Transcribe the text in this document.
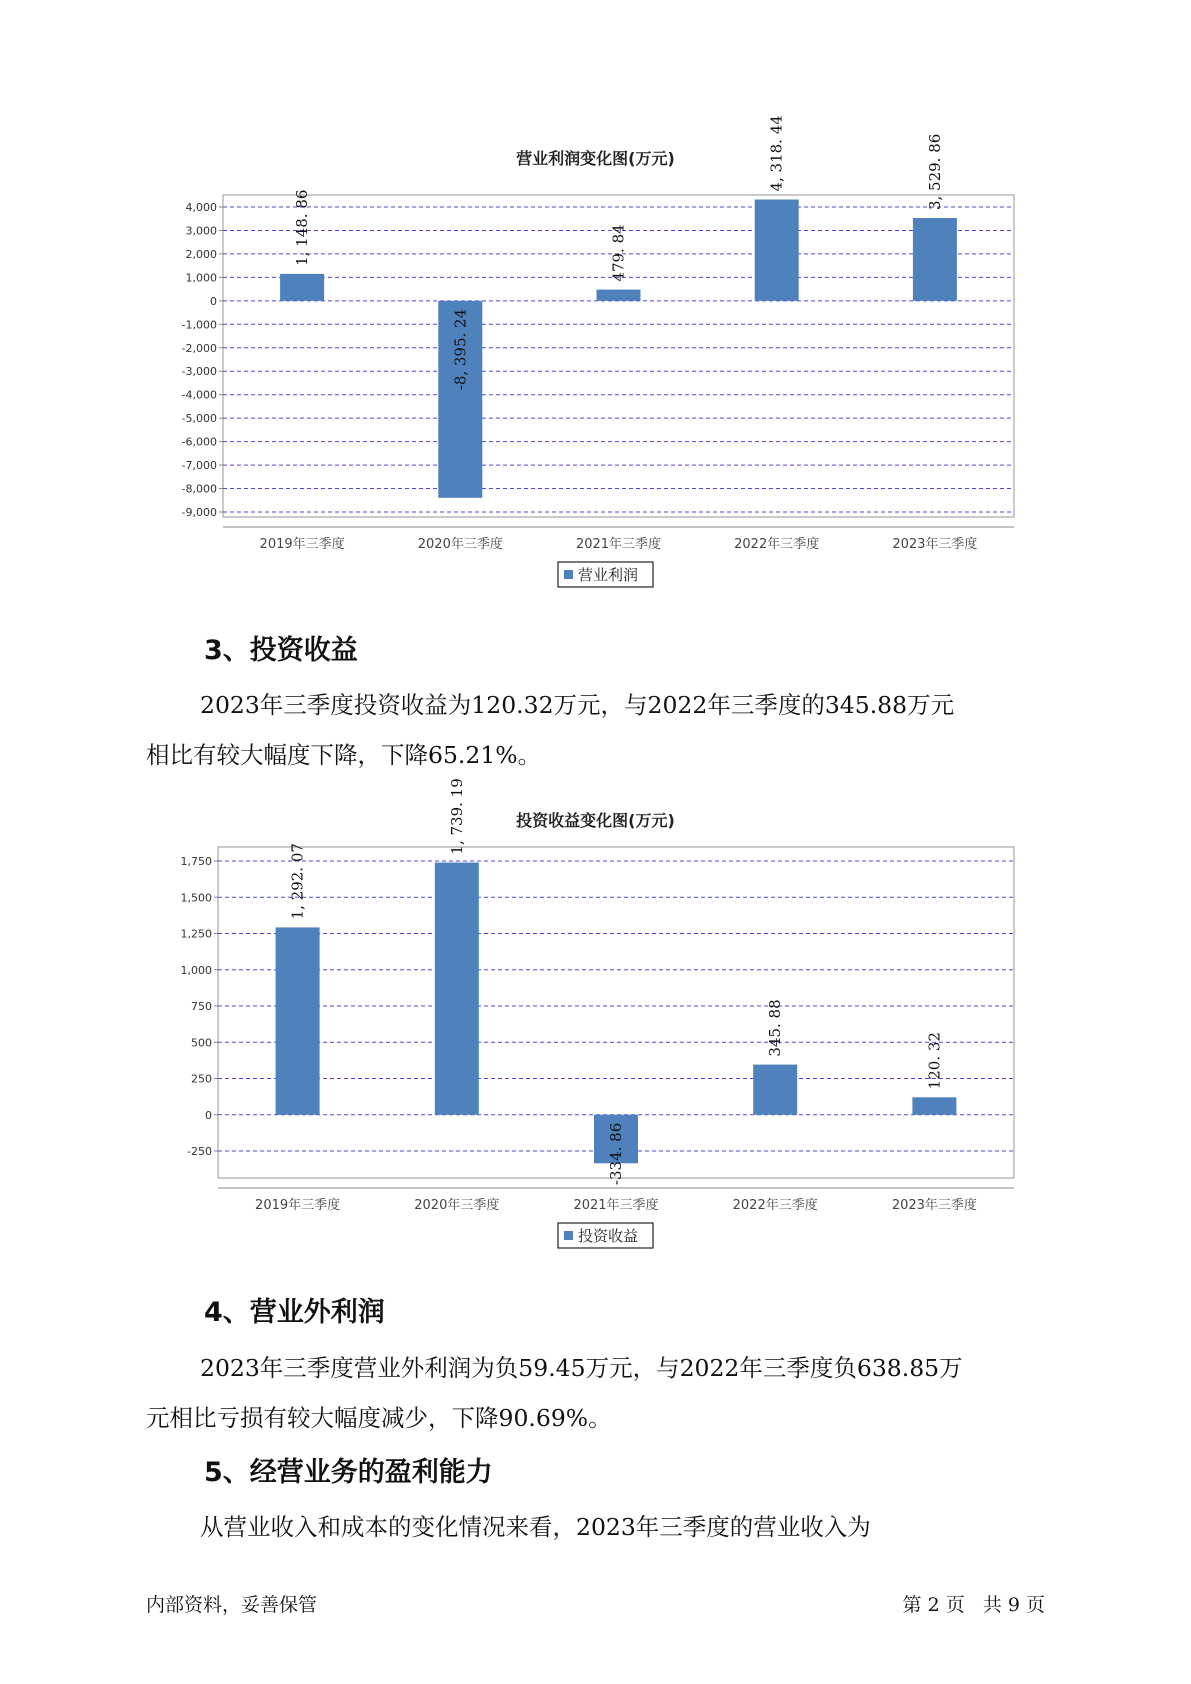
营业利润变化图(万元)
4,000
3,000
2,000
1,000
0
-1,000
-2,000
-3,000
-4,000
-5,000
-6,000
-7,000
-8,000
-9,000
1, 148. 86
2019年三季度
-8, 395. 24
2020年三季度
479. 84
2021年三季度
4, 318. 44
2022年三季度
3, 529. 86
2023年三季度
营业利润
3、投资收益
2023年三季度投资收益为120.32万元，与2022年三季度的345.88万元
相比有较大幅度下降，下降65.21%。
投资收益变化图(万元)
1,750
1,500
1,250
1,000
750
500
250
0
-250
1, 292. 07
2019年三季度
1, 739. 19
2020年三季度
-334. 86
2021年三季度
345. 88
2022年三季度
120. 32
2023年三季度
投资收益
4、营业外利润
2023年三季度营业外利润为负59.45万元，与2022年三季度负638.85万
元相比亏损有较大幅度减少，下降90.69%。
5、经营业务的盈利能力
从营业收入和成本的变化情况来看，2023年三季度的营业收入为
内部资料，妥善保管	第 2 页   共 9 页
